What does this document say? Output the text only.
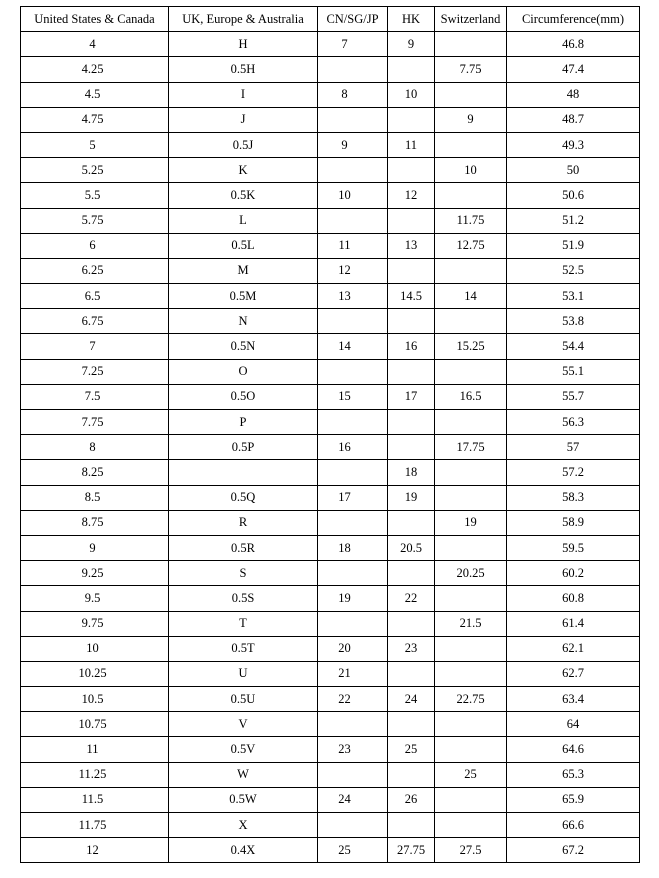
United States & Canada	UK, Europe & Australia	CN/SG/JP	HK	Switzerland	Circumference(mm)
4	H	7	9		46.8
4.25	0.5H			7.75	47.4
4.5	I	8	10		48
4.75	J			9	48.7
5	0.5J	9	11		49.3
5.25	K			10	50
5.5	0.5K	10	12		50.6
5.75	L			11.75	51.2
6	0.5L	11	13	12.75	51.9
6.25	M	12			52.5
6.5	0.5M	13	14.5	14	53.1
6.75	N				53.8
7	0.5N	14	16	15.25	54.4
7.25	O				55.1
7.5	0.5O	15	17	16.5	55.7
7.75	P				56.3
8	0.5P	16		17.75	57
8.25			18		57.2
8.5	0.5Q	17	19		58.3
8.75	R			19	58.9
9	0.5R	18	20.5		59.5
9.25	S			20.25	60.2
9.5	0.5S	19	22		60.8
9.75	T			21.5	61.4
10	0.5T	20	23		62.1
10.25	U	21			62.7
10.5	0.5U	22	24	22.75	63.4
10.75	V				64
11	0.5V	23	25		64.6
11.25	W			25	65.3
11.5	0.5W	24	26		65.9
11.75	X				66.6
12	0.4X	25	27.75	27.5	67.2
